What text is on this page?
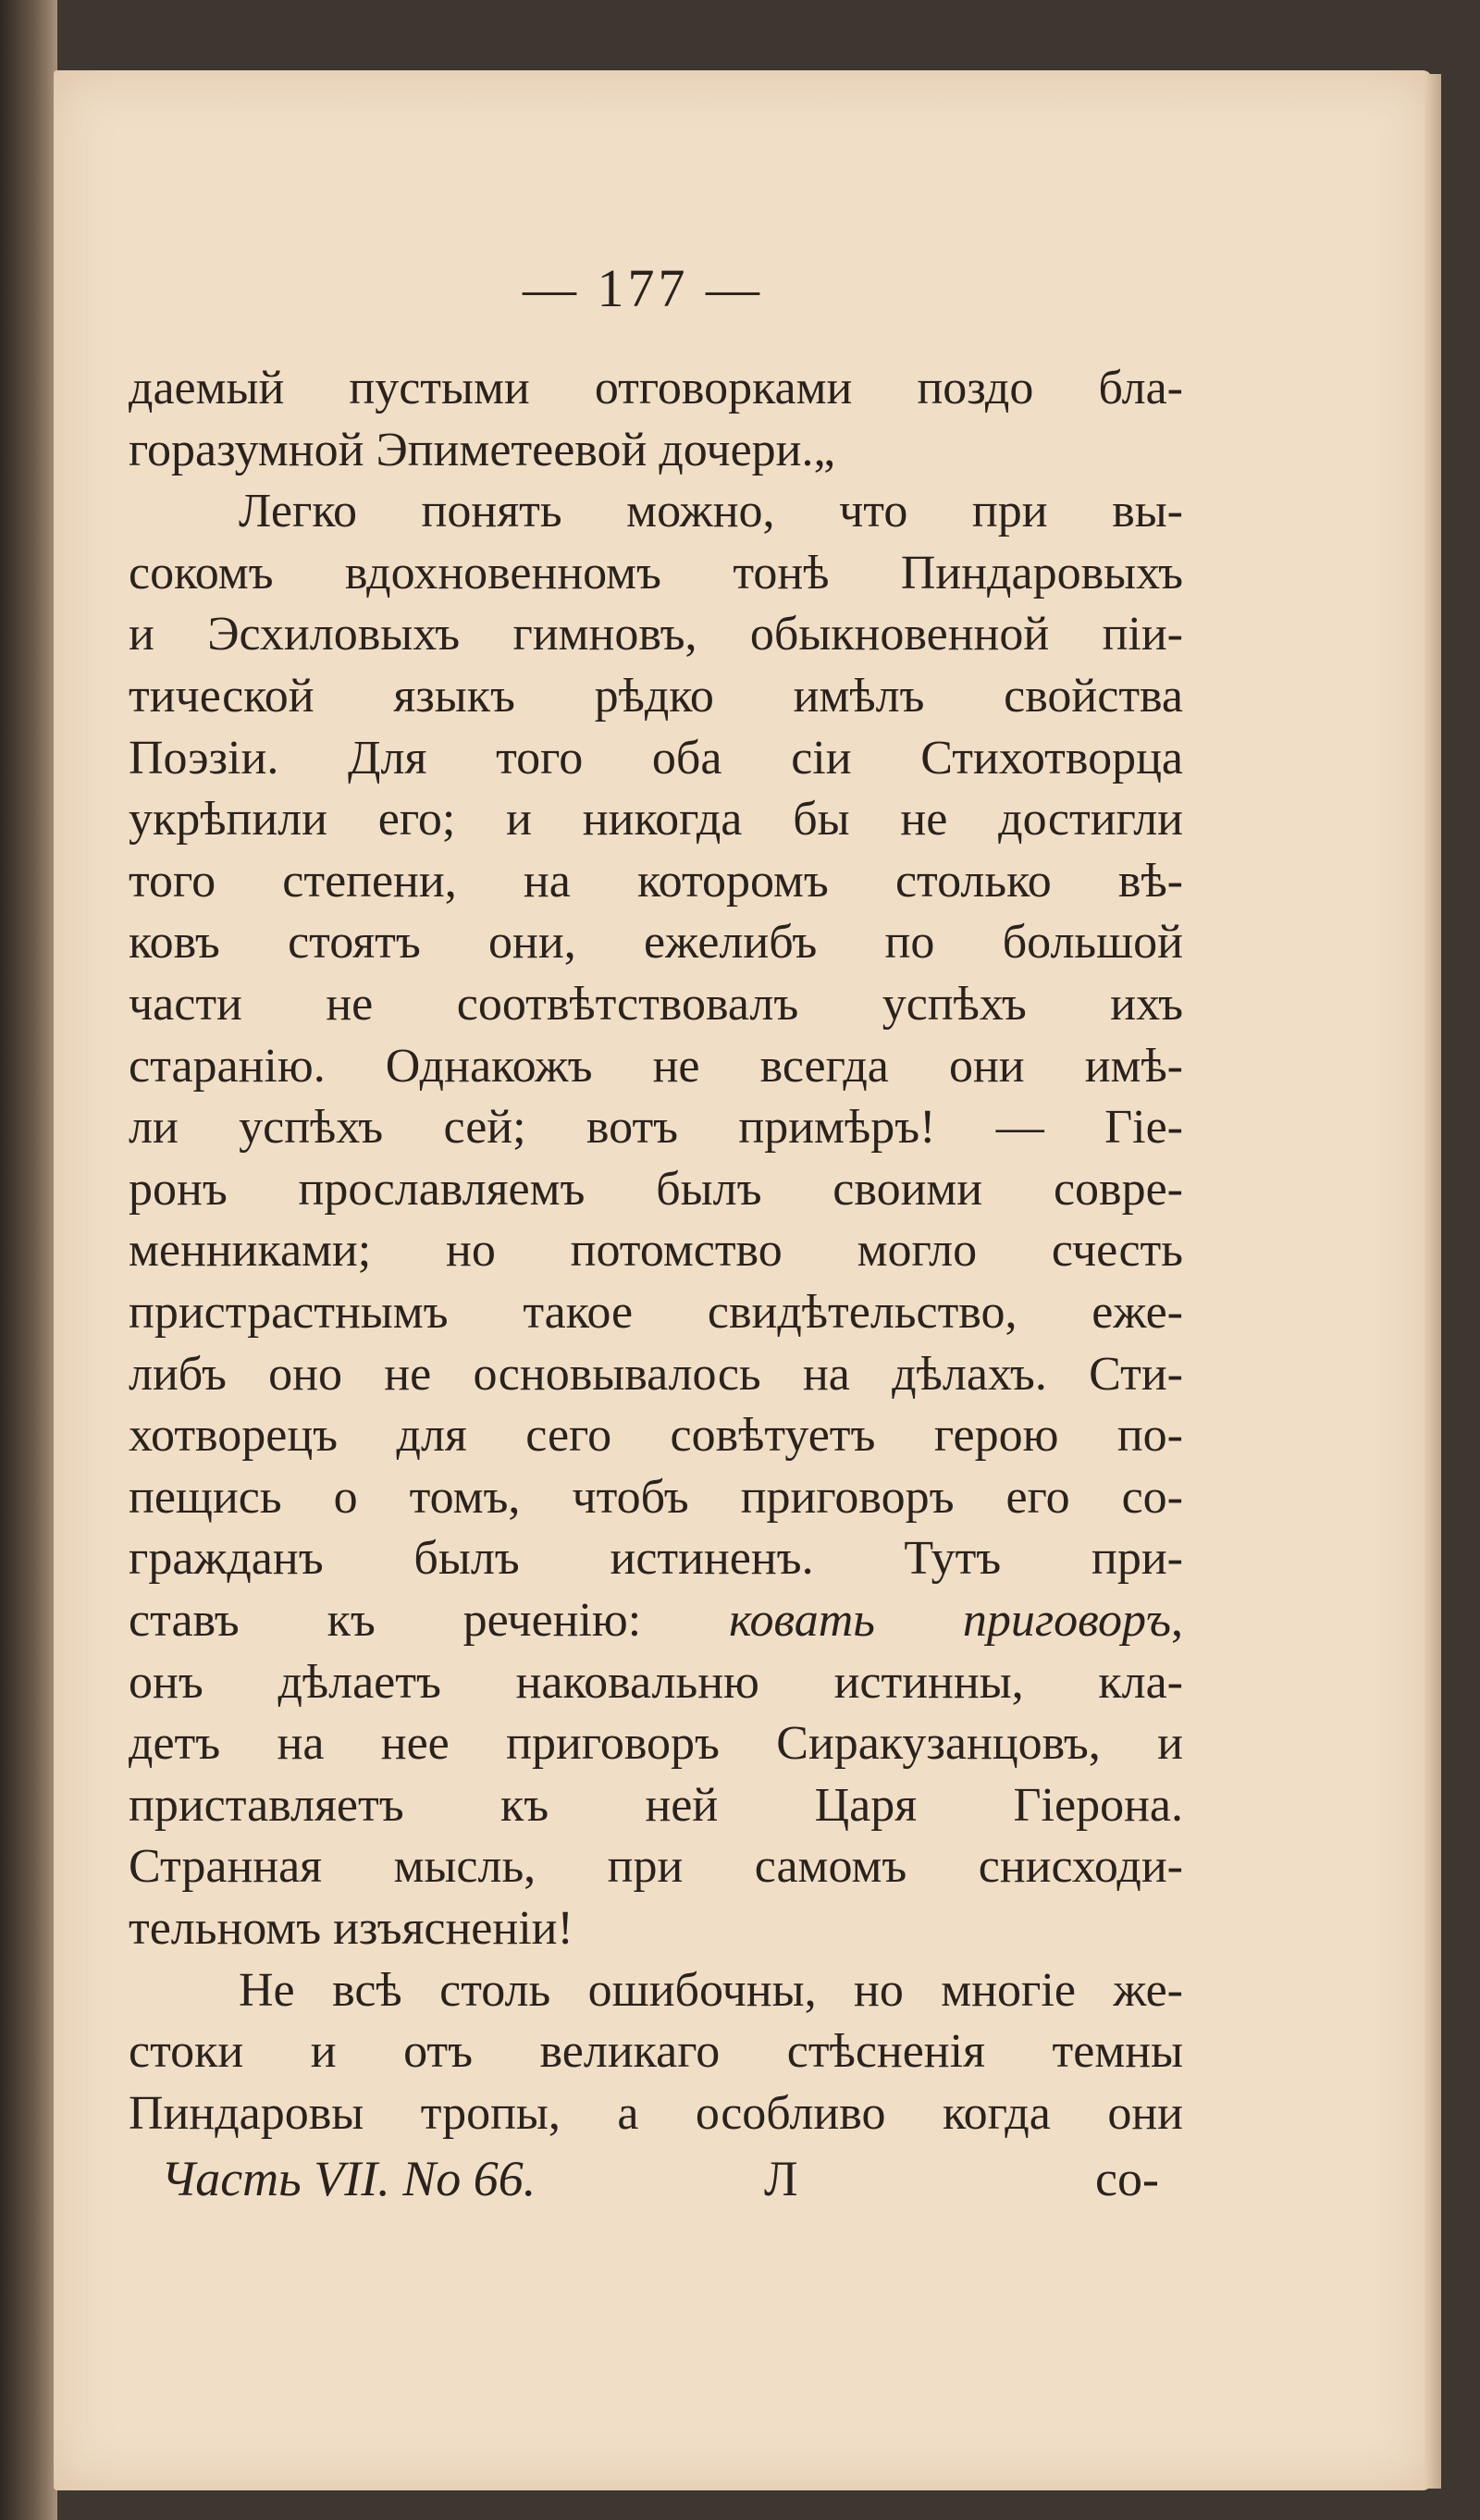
— 177 —
даемый пустыми отговорками поздо бла-
горазумной Эпиметеевой дочери.„
Легко понять можно, что при вы-
сокомъ вдохновенномъ тонѣ Пиндаровыхъ
и Эсхиловыхъ гимновъ, обыкновенной пiи-
тической языкъ рѣдко имѣлъ свойства
Поэзiи. Для того оба сiи Стихотворца
укрѣпили его; и никогда бы не достигли
того степени, на которомъ столько вѣ-
ковъ стоятъ они, ежелибъ по большой
части не соотвѣтствовалъ успѣхъ ихъ
старанiю. Однакожъ не всегда они имѣ-
ли успѣхъ сей; вотъ примѣръ! — Гiе-
ронъ прославляемъ былъ своими совре-
менниками; но потомство могло счесть
пристрастнымъ такое свидѣтельство, еже-
либъ оно не основывалось на дѣлахъ. Сти-
хотворецъ для сего совѣтуетъ герою по-
пещись о томъ, чтобъ приговоръ его со-
гражданъ былъ истиненъ. Тутъ при-
ставъ къ реченiю: ковать приговоръ,
онъ дѣлаетъ наковальню истинны, кла-
детъ на нее приговоръ Сиракузанцовъ, и
приставляетъ къ ней Царя Гiерона.
Странная мысль, при самомъ снисходи-
тельномъ изъясненiи!
Не всѣ столь ошибочны, но многiе же-
стоки и отъ великаго стѣсненiя темны
Пиндаровы тропы, а особливо когда они
Часть VII. No 66.	Л	со-
